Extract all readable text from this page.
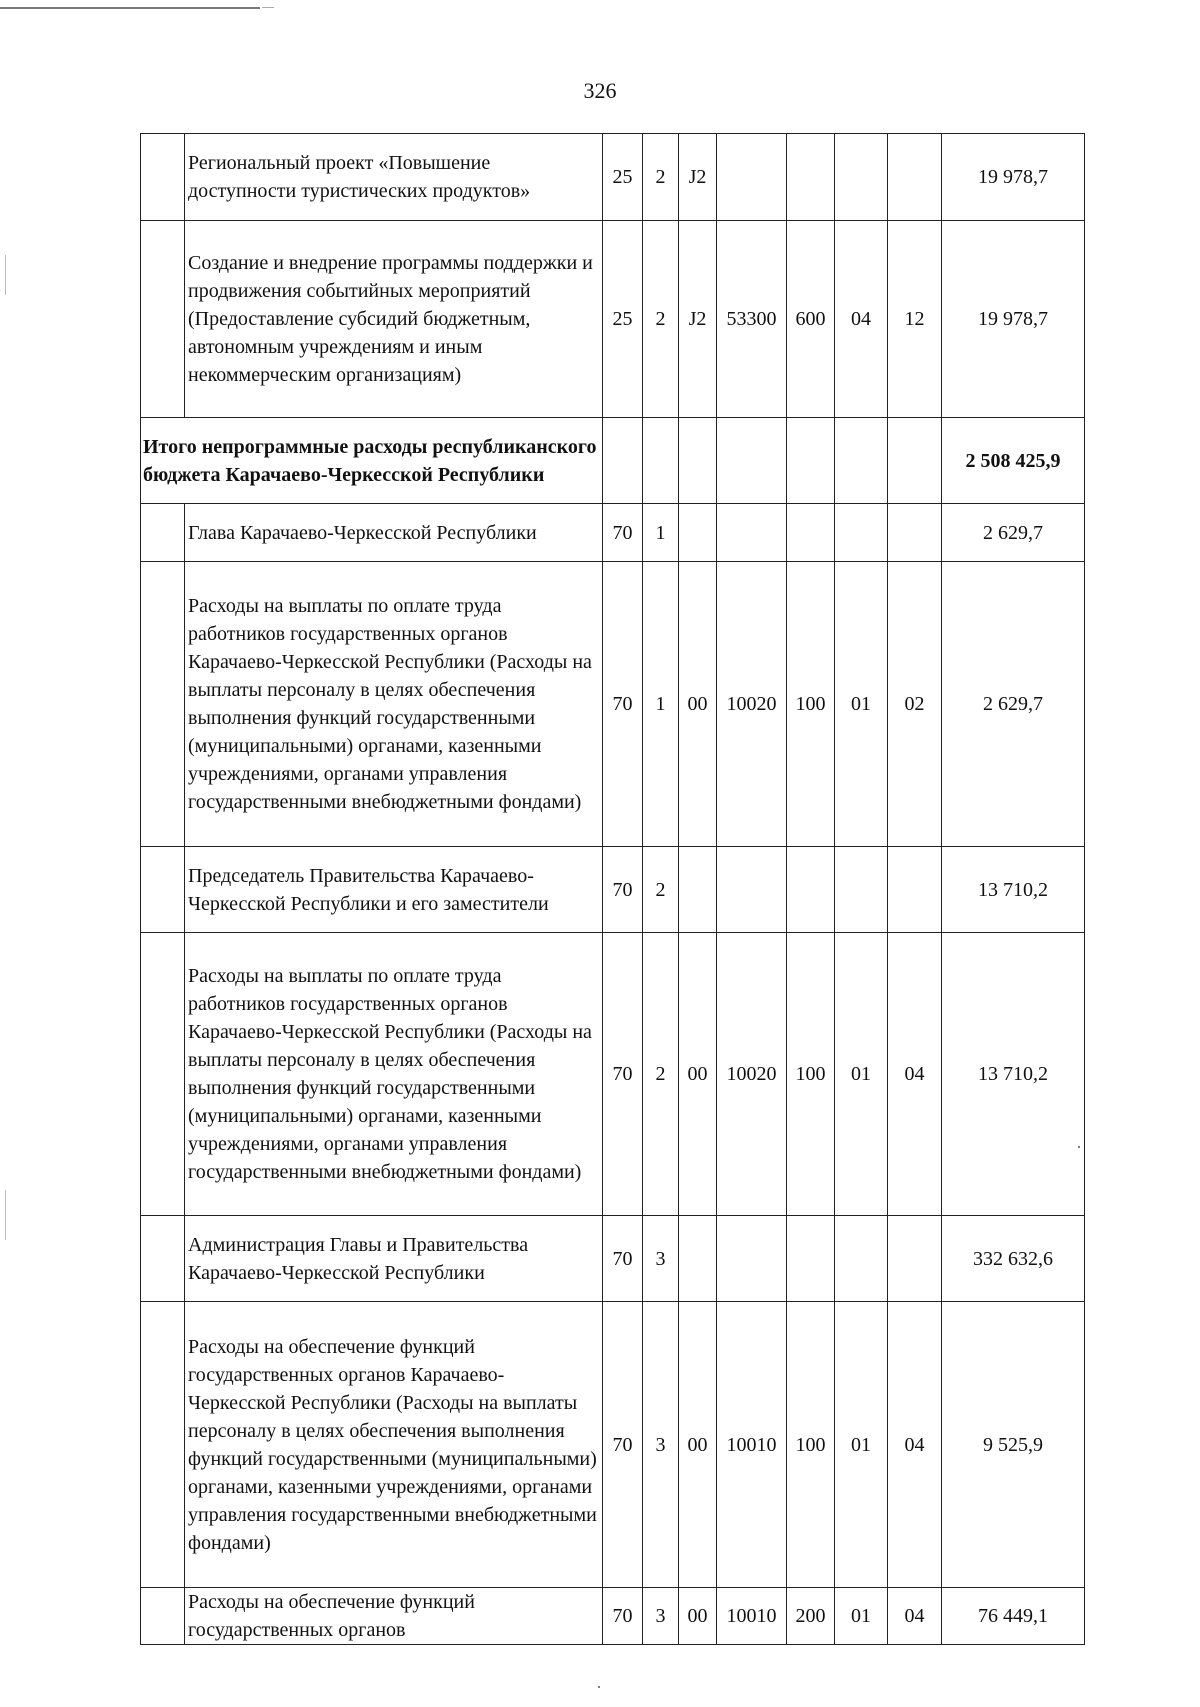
326
	Региональный проект «Повышение доступности туристических продуктов»	25	2	J2					19 978,7
	Создание и внедрение программы поддержки и продвижения событийных мероприятий (Предоставление субсидий бюджетным, автономным учреждениям и иным некоммерческим организациям)	25	2	J2	53300	600	04	12	19 978,7
Итого непрограммные расходы республиканского бюджета Карачаево-Черкесской Республики									2 508 425,9
	Глава Карачаево-Черкесской Республики	70	1						2 629,7
	Расходы на выплаты по оплате труда работников государственных органов Карачаево-Черкесской Республики (Расходы на выплаты персоналу в целях обеспечения выполнения функций государственными (муниципальными) органами, казенными учреждениями, органами управления государственными внебюджетными фондами)	70	1	00	10020	100	01	02	2 629,7
	Председатель Правительства Карачаево-Черкесской Республики и его заместители	70	2						13 710,2
	Расходы на выплаты по оплате труда работников государственных органов Карачаево-Черкесской Республики (Расходы на выплаты персоналу в целях обеспечения выполнения функций государственными (муниципальными) органами, казенными учреждениями, органами управления государственными внебюджетными фондами)	70	2	00	10020	100	01	04	13 710,2
	Администрация Главы и Правительства Карачаево-Черкесской Республики	70	3						332 632,6
	Расходы на обеспечение функций государственных органов Карачаево-Черкесской Республики (Расходы на выплаты персоналу в целях обеспечения выполнения функций государственными (муниципальными) органами, казенными учреждениями, органами управления государственными внебюджетными фондами)	70	3	00	10010	100	01	04	9 525,9
	Расходы на обеспечение функций государственных органов	70	3	00	10010	200	01	04	76 449,1
